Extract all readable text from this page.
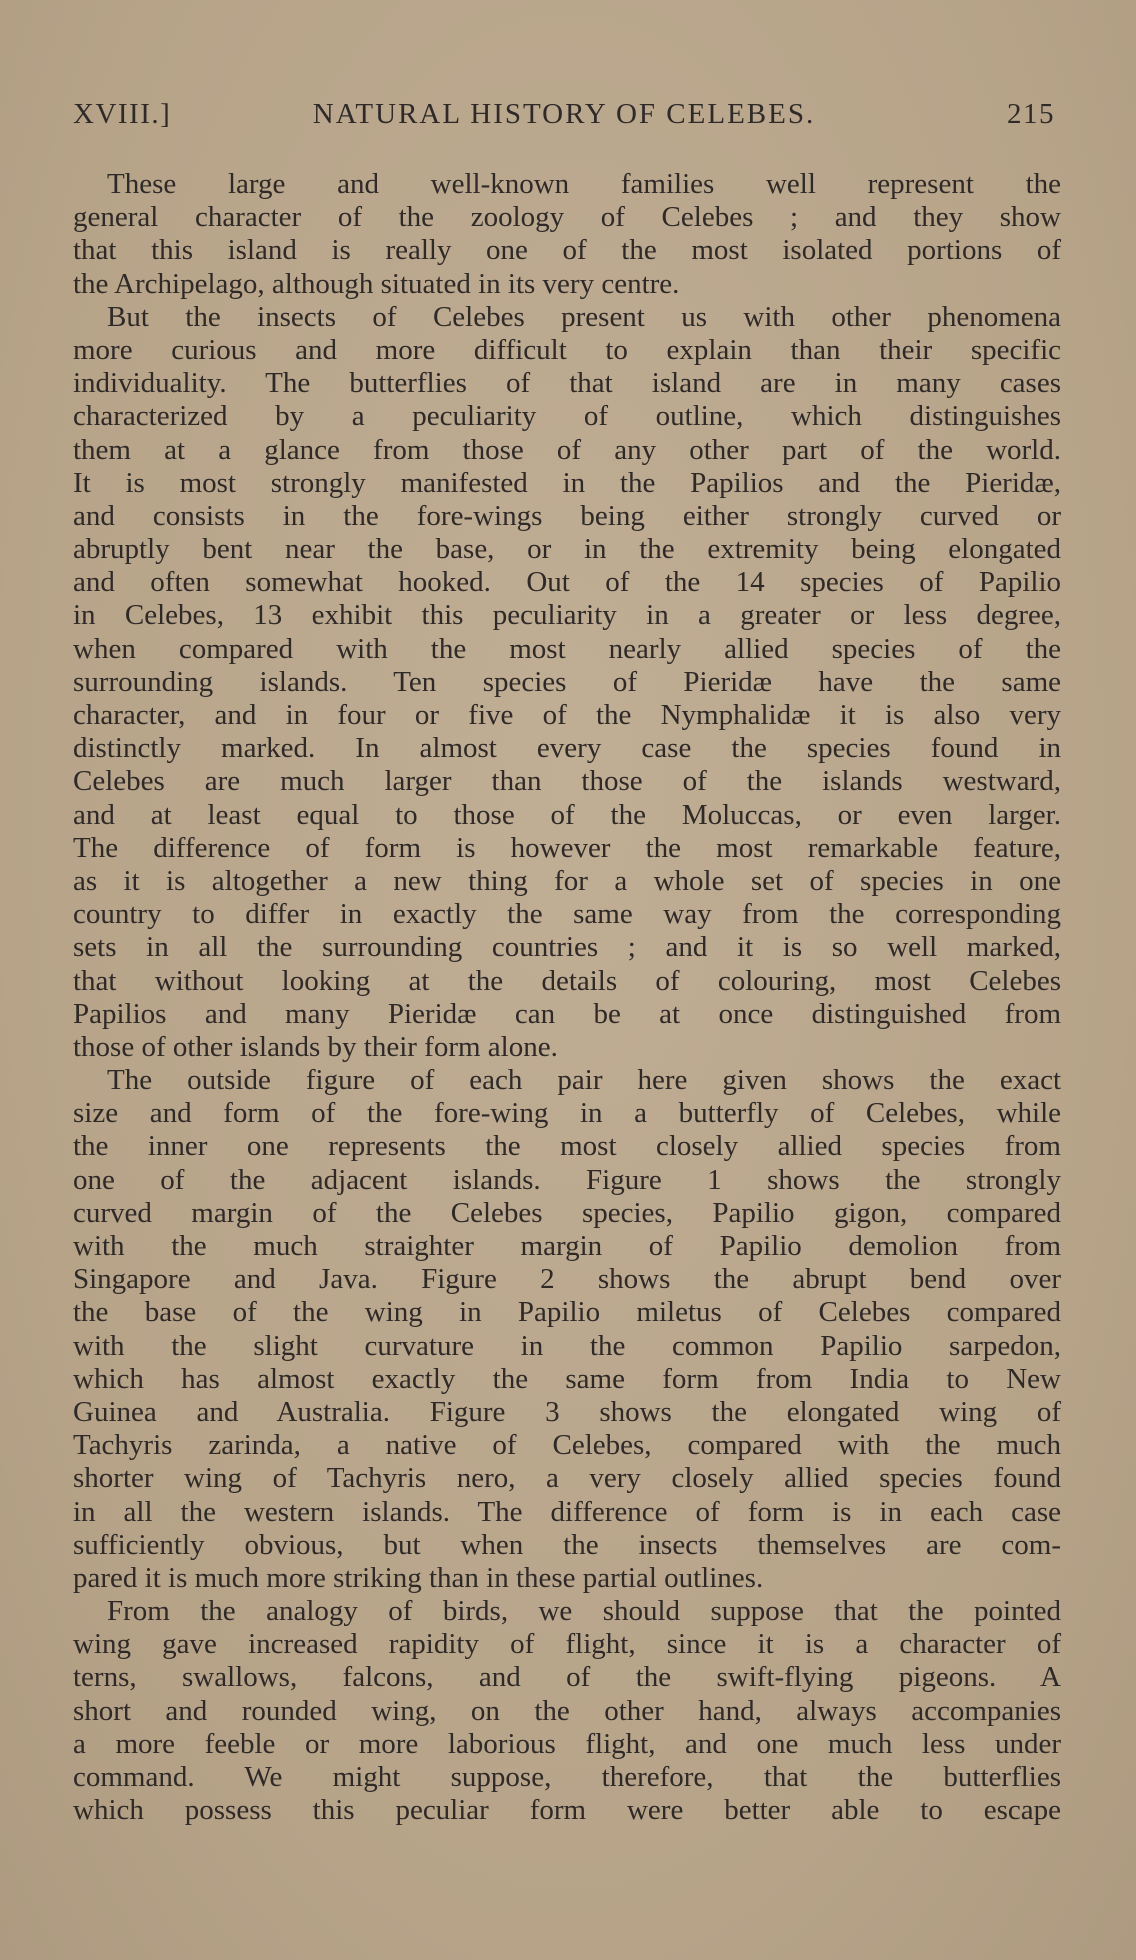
XVIII.]	NATURAL HISTORY OF CELEBES.	215
These large and well-known families well represent the
general character of the zoology of Celebes ; and they show
that this island is really one of the most isolated portions of
the Archipelago, although situated in its very centre.
But the insects of Celebes present us with other phenomena
more curious and more difficult to explain than their specific
individuality. The butterflies of that island are in many cases
characterized by a peculiarity of outline, which distinguishes
them at a glance from those of any other part of the world.
It is most strongly manifested in the Papilios and the Pieridæ,
and consists in the fore-wings being either strongly curved or
abruptly bent near the base, or in the extremity being elongated
and often somewhat hooked. Out of the 14 species of Papilio
in Celebes, 13 exhibit this peculiarity in a greater or less degree,
when compared with the most nearly allied species of the
surrounding islands. Ten species of Pieridæ have the same
character, and in four or five of the Nymphalidæ it is also very
distinctly marked. In almost every case the species found in
Celebes are much larger than those of the islands westward,
and at least equal to those of the Moluccas, or even larger.
The difference of form is however the most remarkable feature,
as it is altogether a new thing for a whole set of species in one
country to differ in exactly the same way from the corresponding
sets in all the surrounding countries ; and it is so well marked,
that without looking at the details of colouring, most Celebes
Papilios and many Pieridæ can be at once distinguished from
those of other islands by their form alone.
The outside figure of each pair here given shows the exact
size and form of the fore-wing in a butterfly of Celebes, while
the inner one represents the most closely allied species from
one of the adjacent islands. Figure 1 shows the strongly
curved margin of the Celebes species, Papilio gigon, compared
with the much straighter margin of Papilio demolion from
Singapore and Java. Figure 2 shows the abrupt bend over
the base of the wing in Papilio miletus of Celebes compared
with the slight curvature in the common Papilio sarpedon,
which has almost exactly the same form from India to New
Guinea and Australia. Figure 3 shows the elongated wing of
Tachyris zarinda, a native of Celebes, compared with the much
shorter wing of Tachyris nero, a very closely allied species found
in all the western islands. The difference of form is in each case
sufficiently obvious, but when the insects themselves are com-
pared it is much more striking than in these partial outlines.
From the analogy of birds, we should suppose that the pointed
wing gave increased rapidity of flight, since it is a character of
terns, swallows, falcons, and of the swift-flying pigeons. A
short and rounded wing, on the other hand, always accompanies
a more feeble or more laborious flight, and one much less under
command. We might suppose, therefore, that the butterflies
which possess this peculiar form were better able to escape
